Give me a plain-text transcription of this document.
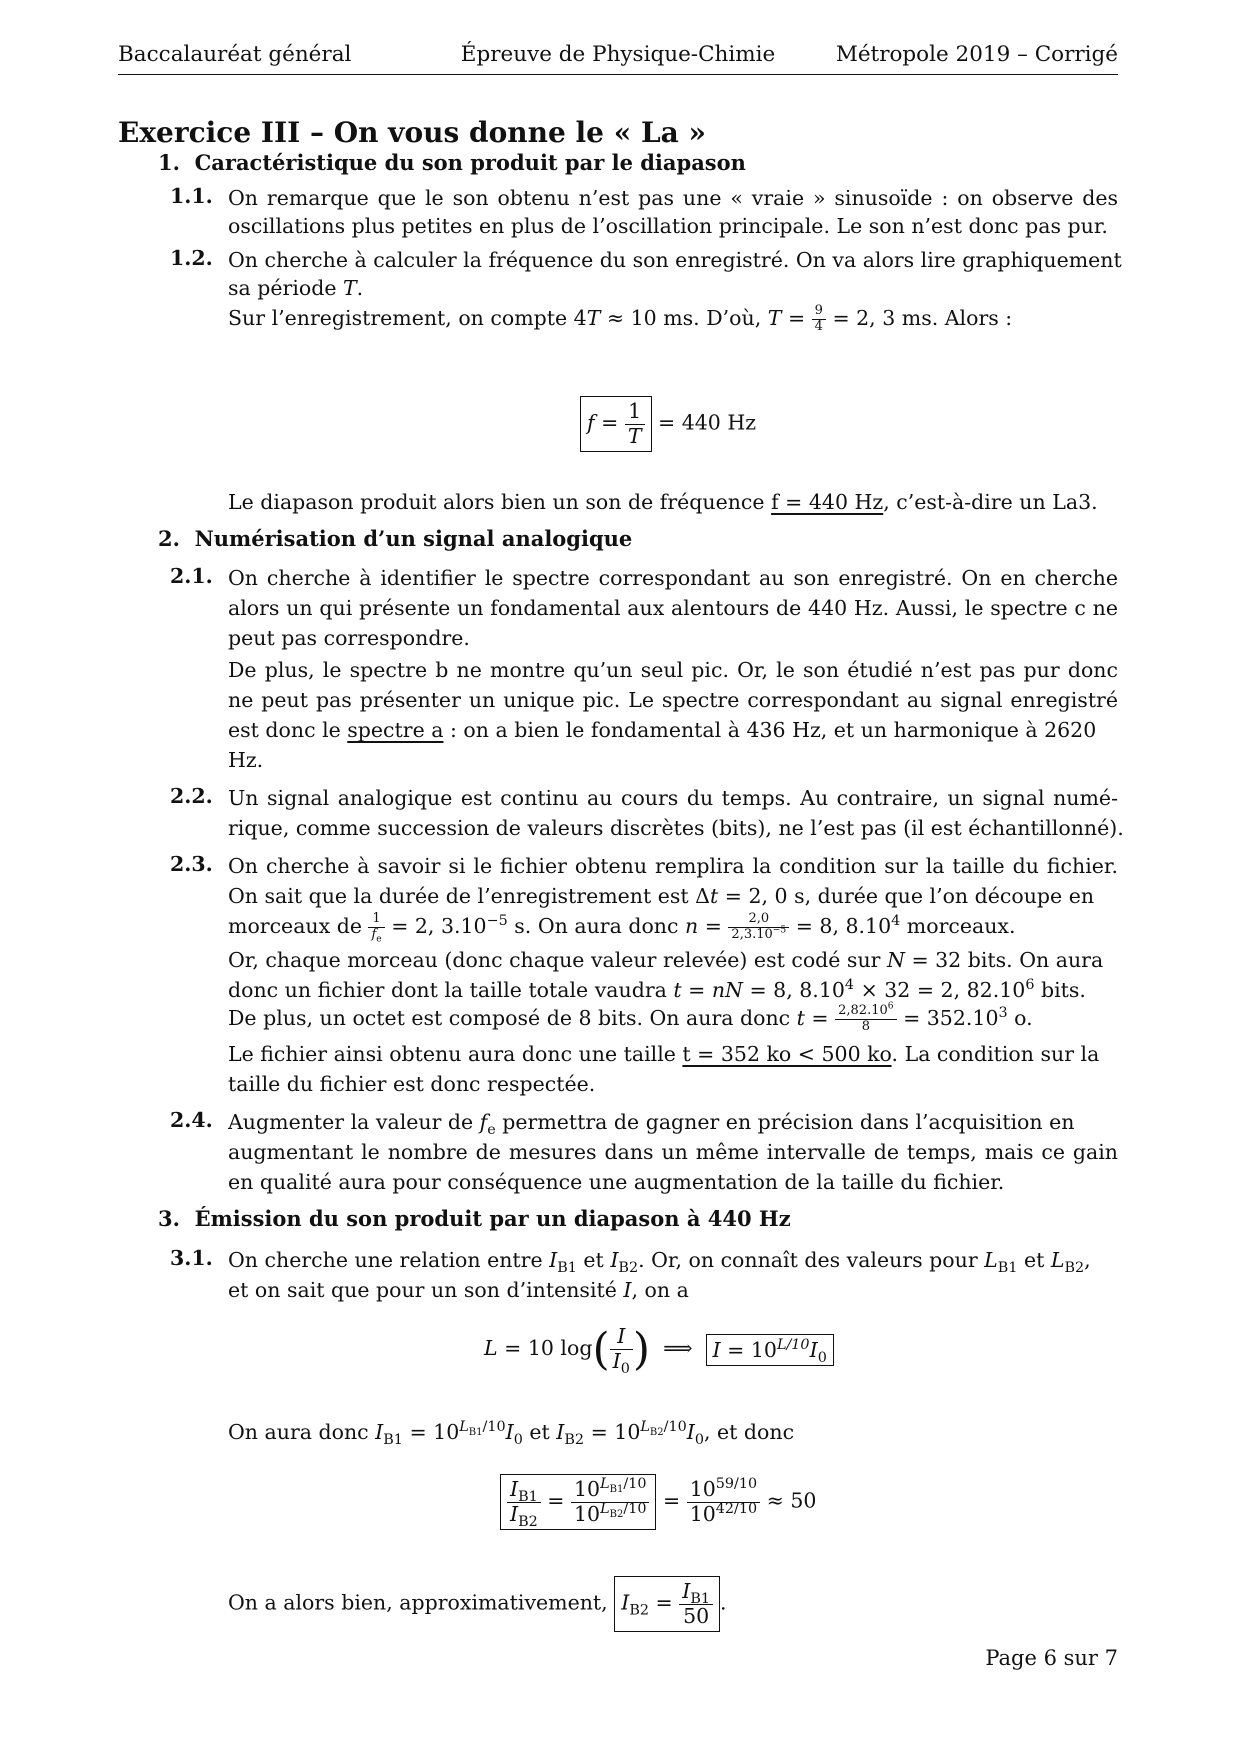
Baccalauréat général	Épreuve de Physique-Chimie	Métropole 2019 – Corrigé
Exercice III – On vous donne le « La »
1. Caractéristique du son produit par le diapason
1.1. On remarque que le son obtenu n’est pas une « vraie » sinusoïde : on observe des
oscillations plus petites en plus de l’oscillation principale. Le son n’est donc pas pur.
1.2. On cherche à calculer la fréquence du son enregistré. On va alors lire graphiquement
sa période T.
Sur l’enregistrement, on compte 4T ≈ 10 ms. D’où, $T = \frac{9}{4} = 2$, 3 ms. Alors :
$f = \frac{1}{T} = 440$ Hz
Le diapason produit alors bien un son de fréquence f = 440 Hz, c’est-à-dire un La3.
2. Numérisation d’un signal analogique
2.1. On cherche à identifier le spectre correspondant au son enregistré. On en cherche
alors un qui présente un fondamental aux alentours de 440 Hz. Aussi, le spectre c ne
peut pas correspondre.
De plus, le spectre b ne montre qu’un seul pic. Or, le son étudié n’est pas pur donc
ne peut pas présenter un unique pic. Le spectre correspondant au signal enregistré
est donc le spectre a : on a bien le fondamental à 436 Hz, et un harmonique à 2620
Hz.
2.2. Un signal analogique est continu au cours du temps. Au contraire, un signal numé-
rique, comme succession de valeurs discrètes (bits), ne l’est pas (il est échantillonné).
2.3. On cherche à savoir si le fichier obtenu remplira la condition sur la taille du fichier.
On sait que la durée de l’enregistrement est Δt = 2, 0 s, durée que l’on découpe en
morceaux de $\frac{1}{f_e} = 2$, $3.10^{-5}$ s. On aura donc $n = \frac{2,0}{2,3.10^{-5}} = 8$, 8.10$^4$ morceaux.
Or, chaque morceau (donc chaque valeur relevée) est codé sur N = 32 bits. On aura
donc un fichier dont la taille totale vaudra t = nN = 8, $8.10^4 \times 32 = 2$, 82.10$^6$ bits.
De plus, un octet est composé de 8 bits. On aura donc $t = \frac{2,82.10^6}{8} = 352.10^3$ o.
Le fichier ainsi obtenu aura donc une taille t = 352 ko < 500 ko. La condition sur la
taille du fichier est donc respectée.
2.4. Augmenter la valeur de $f_e$ permettra de gagner en précision dans l’acquisition en
augmentant le nombre de mesures dans un même intervalle de temps, mais ce gain
en qualité aura pour conséquence une augmentation de la taille du fichier.
3. Émission du son produit par un diapason à 440 Hz
3.1. On cherche une relation entre $I_{B1}$ et $I_{B2}$. Or, on connaît des valeurs pour $L_{B1}$ et $L_{B2}$,
et on sait que pour un son d’intensité I, on a
L = 10 $\log( \frac{I}{I_0}$ ) ⟹ $I = 10^{L/10}I_0$
On aura donc $I_{B1} = 10^{L_{B1}/10}I_0$ et $I_{B2} = 10^{L_{B2}/10}I_0$, et donc
$\frac{I_{B1}}{I_{B2}} = \frac{10^{L_{B1}/10}}{10^{L_{B2}/10}} = \frac{10^{59/10}}{10^{42/10}} \approx 50$
On a alors bien, approximativement, $I_{B2} = \frac{I_{B1}}{50}$ .
Page 6 sur 7
